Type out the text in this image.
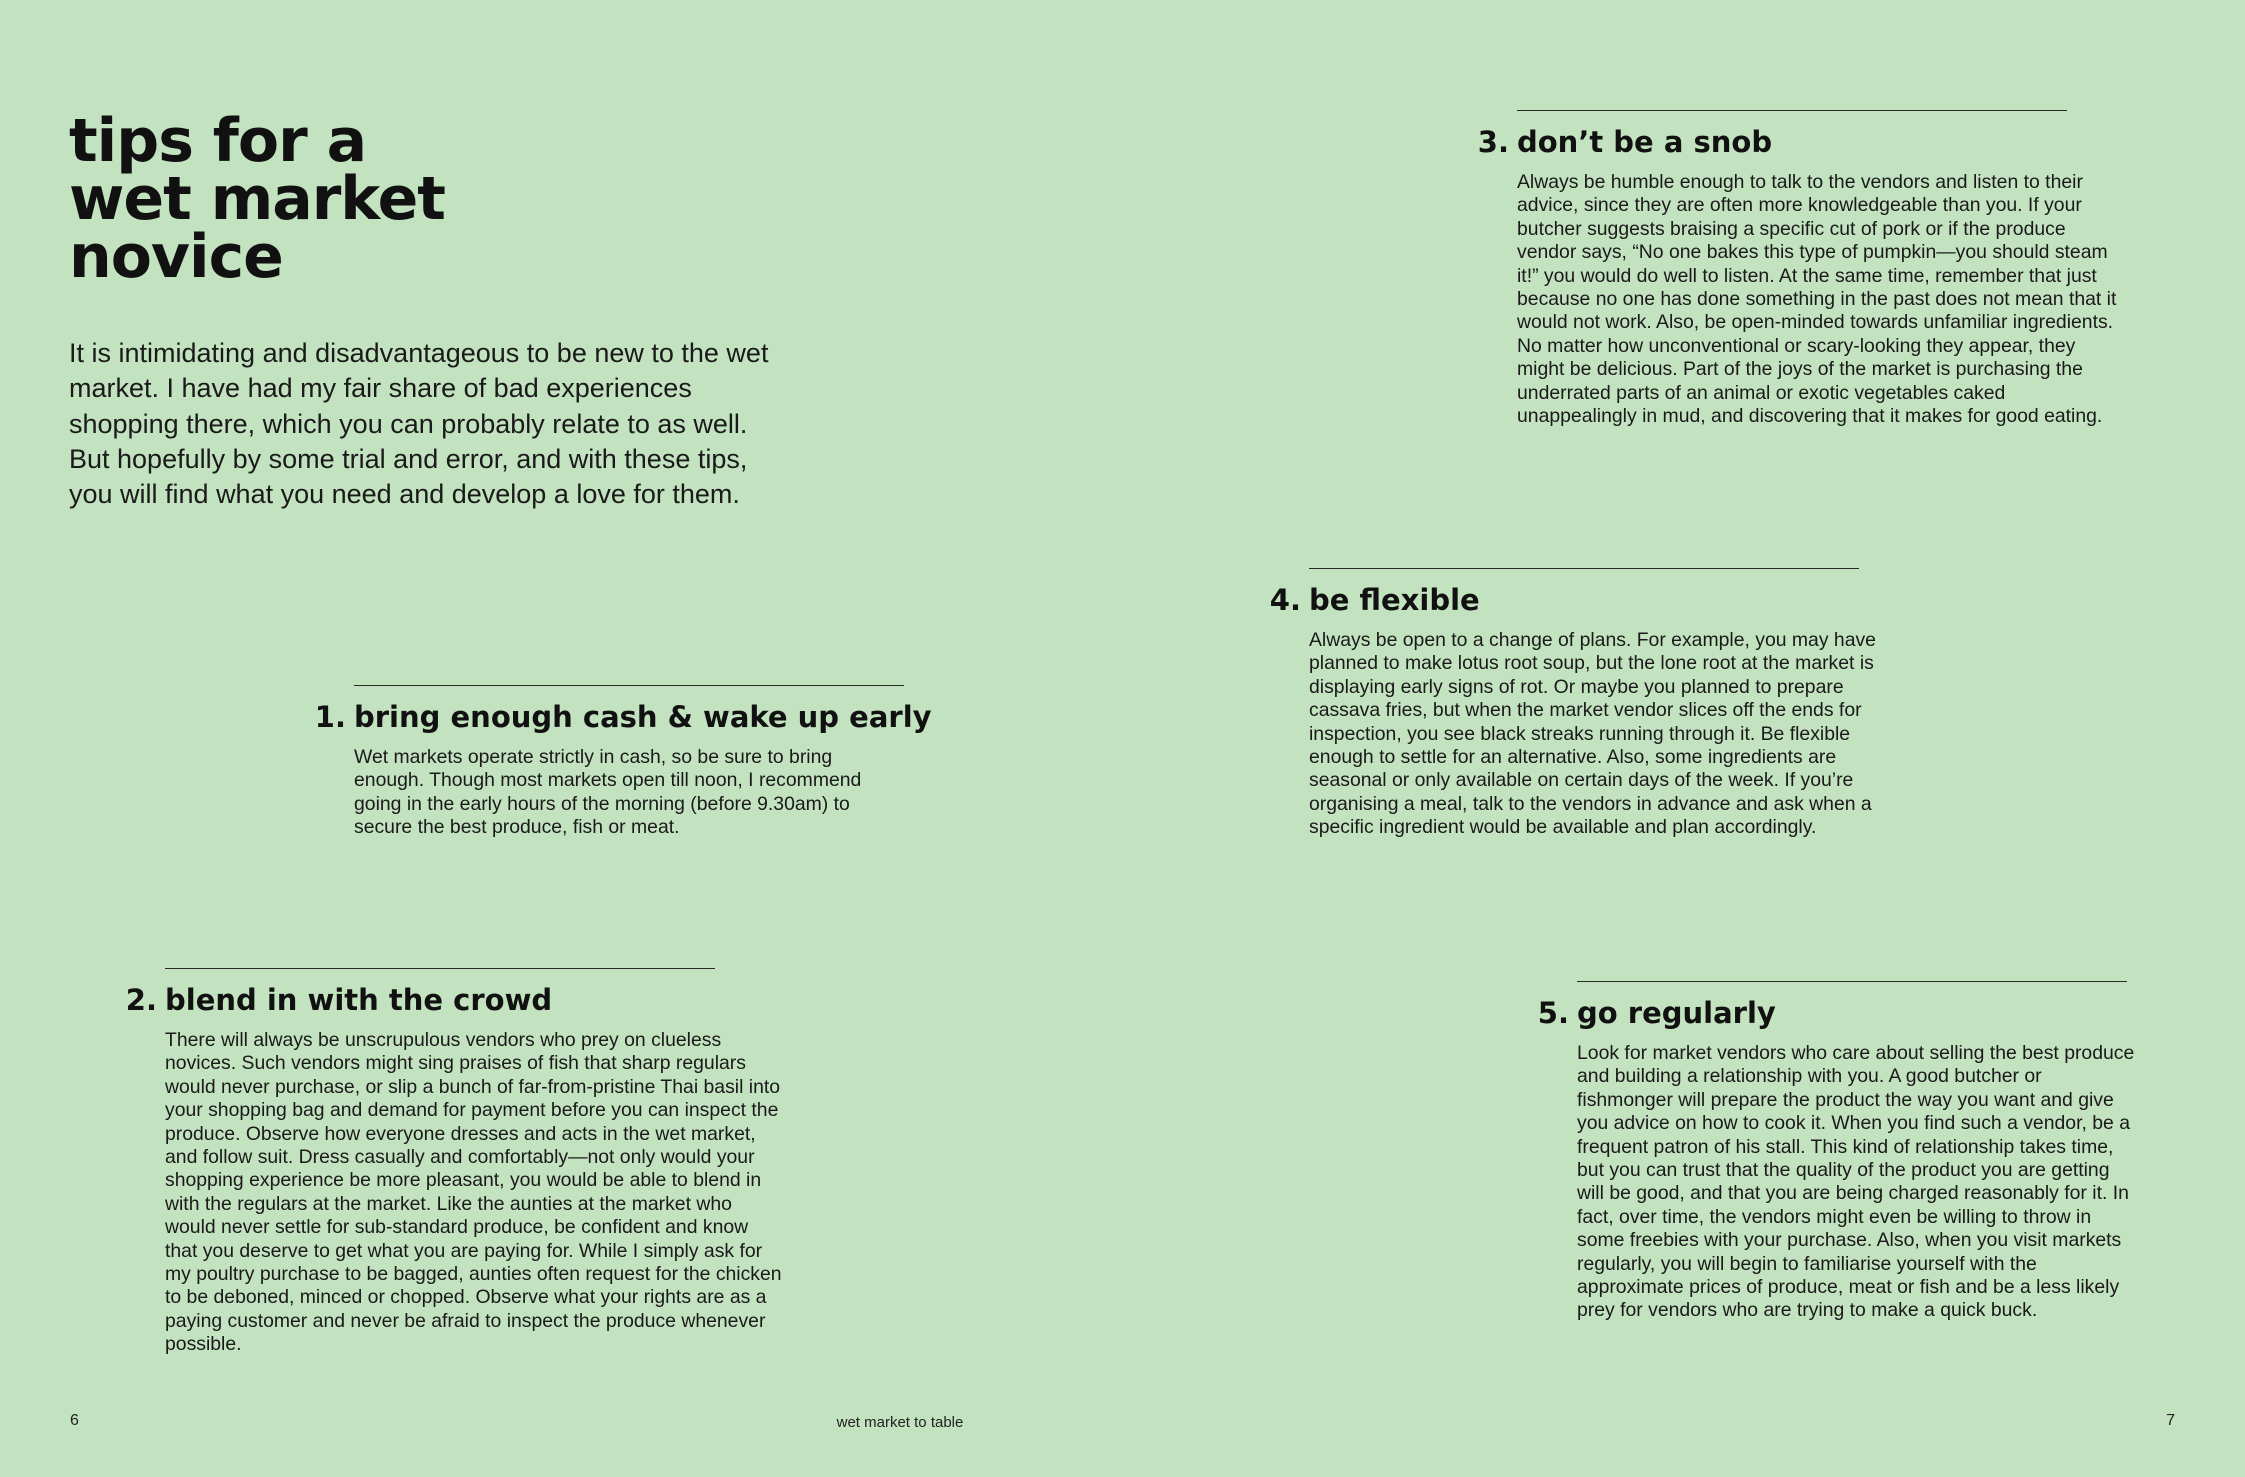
tips for a
wet market
novice

It is intimidating and disadvantageous to be new to the wet market. I have had my fair share of bad experiences shopping there, which you can probably relate to as well. But hopefully by some trial and error, and with these tips, you will find what you need and develop a love for them.

1. bring enough cash & wake up early

Wet markets operate strictly in cash, so be sure to bring enough. Though most markets open till noon, I recommend going in the early hours of the morning (before 9.30am) to secure the best produce, fish or meat.

2. blend in with the crowd

There will always be unscrupulous vendors who prey on clueless novices. Such vendors might sing praises of fish that sharp regulars would never purchase, or slip a bunch of far-from-pristine Thai basil into your shopping bag and demand for payment before you can inspect the produce. Observe how everyone dresses and acts in the wet market, and follow suit. Dress casually and comfortably—not only would your shopping experience be more pleasant, you would be able to blend in with the regulars at the market. Like the aunties at the market who would never settle for sub-standard produce, be confident and know that you deserve to get what you are paying for. While I simply ask for my poultry purchase to be bagged, aunties often request for the chicken to be deboned, minced or chopped. Observe what your rights are as a paying customer and never be afraid to inspect the produce whenever possible.

3. don’t be a snob

Always be humble enough to talk to the vendors and listen to their advice, since they are often more knowledgeable than you. If your butcher suggests braising a specific cut of pork or if the produce vendor says, “No one bakes this type of pumpkin—you should steam it!” you would do well to listen. At the same time, remember that just because no one has done something in the past does not mean that it would not work. Also, be open-minded towards unfamiliar ingredients. No matter how unconventional or scary-looking they appear, they might be delicious. Part of the joys of the market is purchasing the underrated parts of an animal or exotic vegetables caked unappealingly in mud, and discovering that it makes for good eating.

4. be flexible

Always be open to a change of plans. For example, you may have planned to make lotus root soup, but the lone root at the market is displaying early signs of rot. Or maybe you planned to prepare cassava fries, but when the market vendor slices off the ends for inspection, you see black streaks running through it. Be flexible enough to settle for an alternative. Also, some ingredients are seasonal or only available on certain days of the week. If you’re organising a meal, talk to the vendors in advance and ask when a specific ingredient would be available and plan accordingly.

5. go regularly

Look for market vendors who care about selling the best produce and building a relationship with you. A good butcher or fishmonger will prepare the product the way you want and give you advice on how to cook it. When you find such a vendor, be a frequent patron of his stall. This kind of relationship takes time, but you can trust that the quality of the product you are getting will be good, and that you are being charged reasonably for it. In fact, over time, the vendors might even be willing to throw in some freebies with your purchase. Also, when you visit markets regularly, you will begin to familiarise yourself with the approximate prices of produce, meat or fish and be a less likely prey for vendors who are trying to make a quick buck.

6	wet market to table	7
